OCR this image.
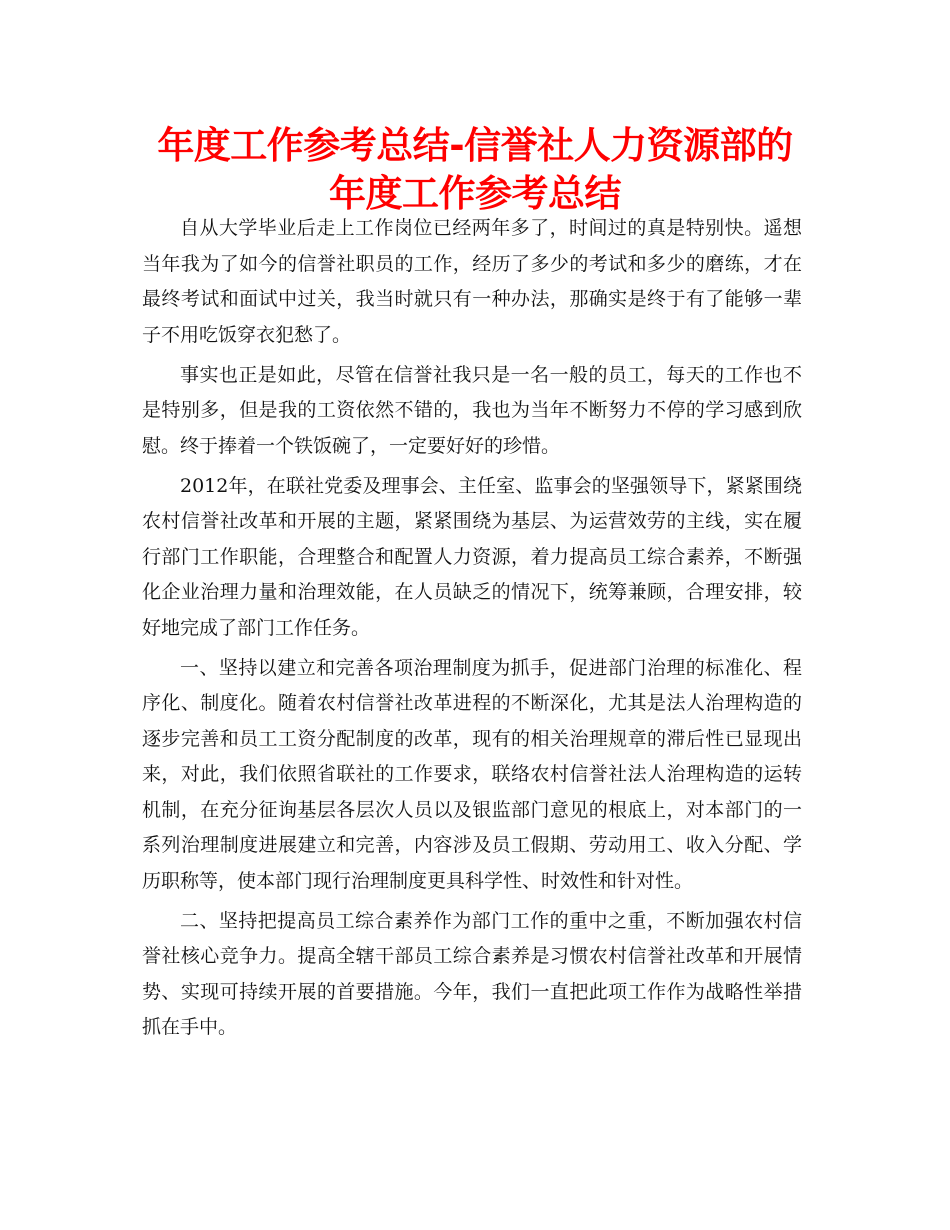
年度工作参考总结-信誉社人力资源部的年度工作参考总结

自从大学毕业后走上工作岗位已经两年多了，时间过的真是特别快。遥想当年我为了如今的信誉社职员的工作，经历了多少的考试和多少的磨练，才在最终考试和面试中过关，我当时就只有一种办法，那确实是终于有了能够一辈子不用吃饭穿衣犯愁了。

事实也正是如此，尽管在信誉社我只是一名一般的员工，每天的工作也不是特别多，但是我的工资依然不错的，我也为当年不断努力不停的学习感到欣慰。终于捧着一个铁饭碗了，一定要好好的珍惜。

2012年，在联社党委及理事会、主任室、监事会的坚强领导下，紧紧围绕农村信誉社改革和开展的主题，紧紧围绕为基层、为运营效劳的主线，实在履行部门工作职能，合理整合和配置人力资源，着力提高员工综合素养，不断强化企业治理力量和治理效能，在人员缺乏的情况下，统筹兼顾，合理安排，较好地完成了部门工作任务。

一、坚持以建立和完善各项治理制度为抓手，促进部门治理的标准化、程序化、制度化。随着农村信誉社改革进程的不断深化，尤其是法人治理构造的逐步完善和员工工资分配制度的改革，现有的相关治理规章的滞后性已显现出来，对此，我们依照省联社的工作要求，联络农村信誉社法人治理构造的运转机制，在充分征询基层各层次人员以及银监部门意见的根底上，对本部门的一系列治理制度进展建立和完善，内容涉及员工假期、劳动用工、收入分配、学历职称等，使本部门现行治理制度更具科学性、时效性和针对性。

二、坚持把提高员工综合素养作为部门工作的重中之重，不断加强农村信誉社核心竞争力。提高全辖干部员工综合素养是习惯农村信誉社改革和开展情势、实现可持续开展的首要措施。今年，我们一直把此项工作作为战略性举措抓在手中。
